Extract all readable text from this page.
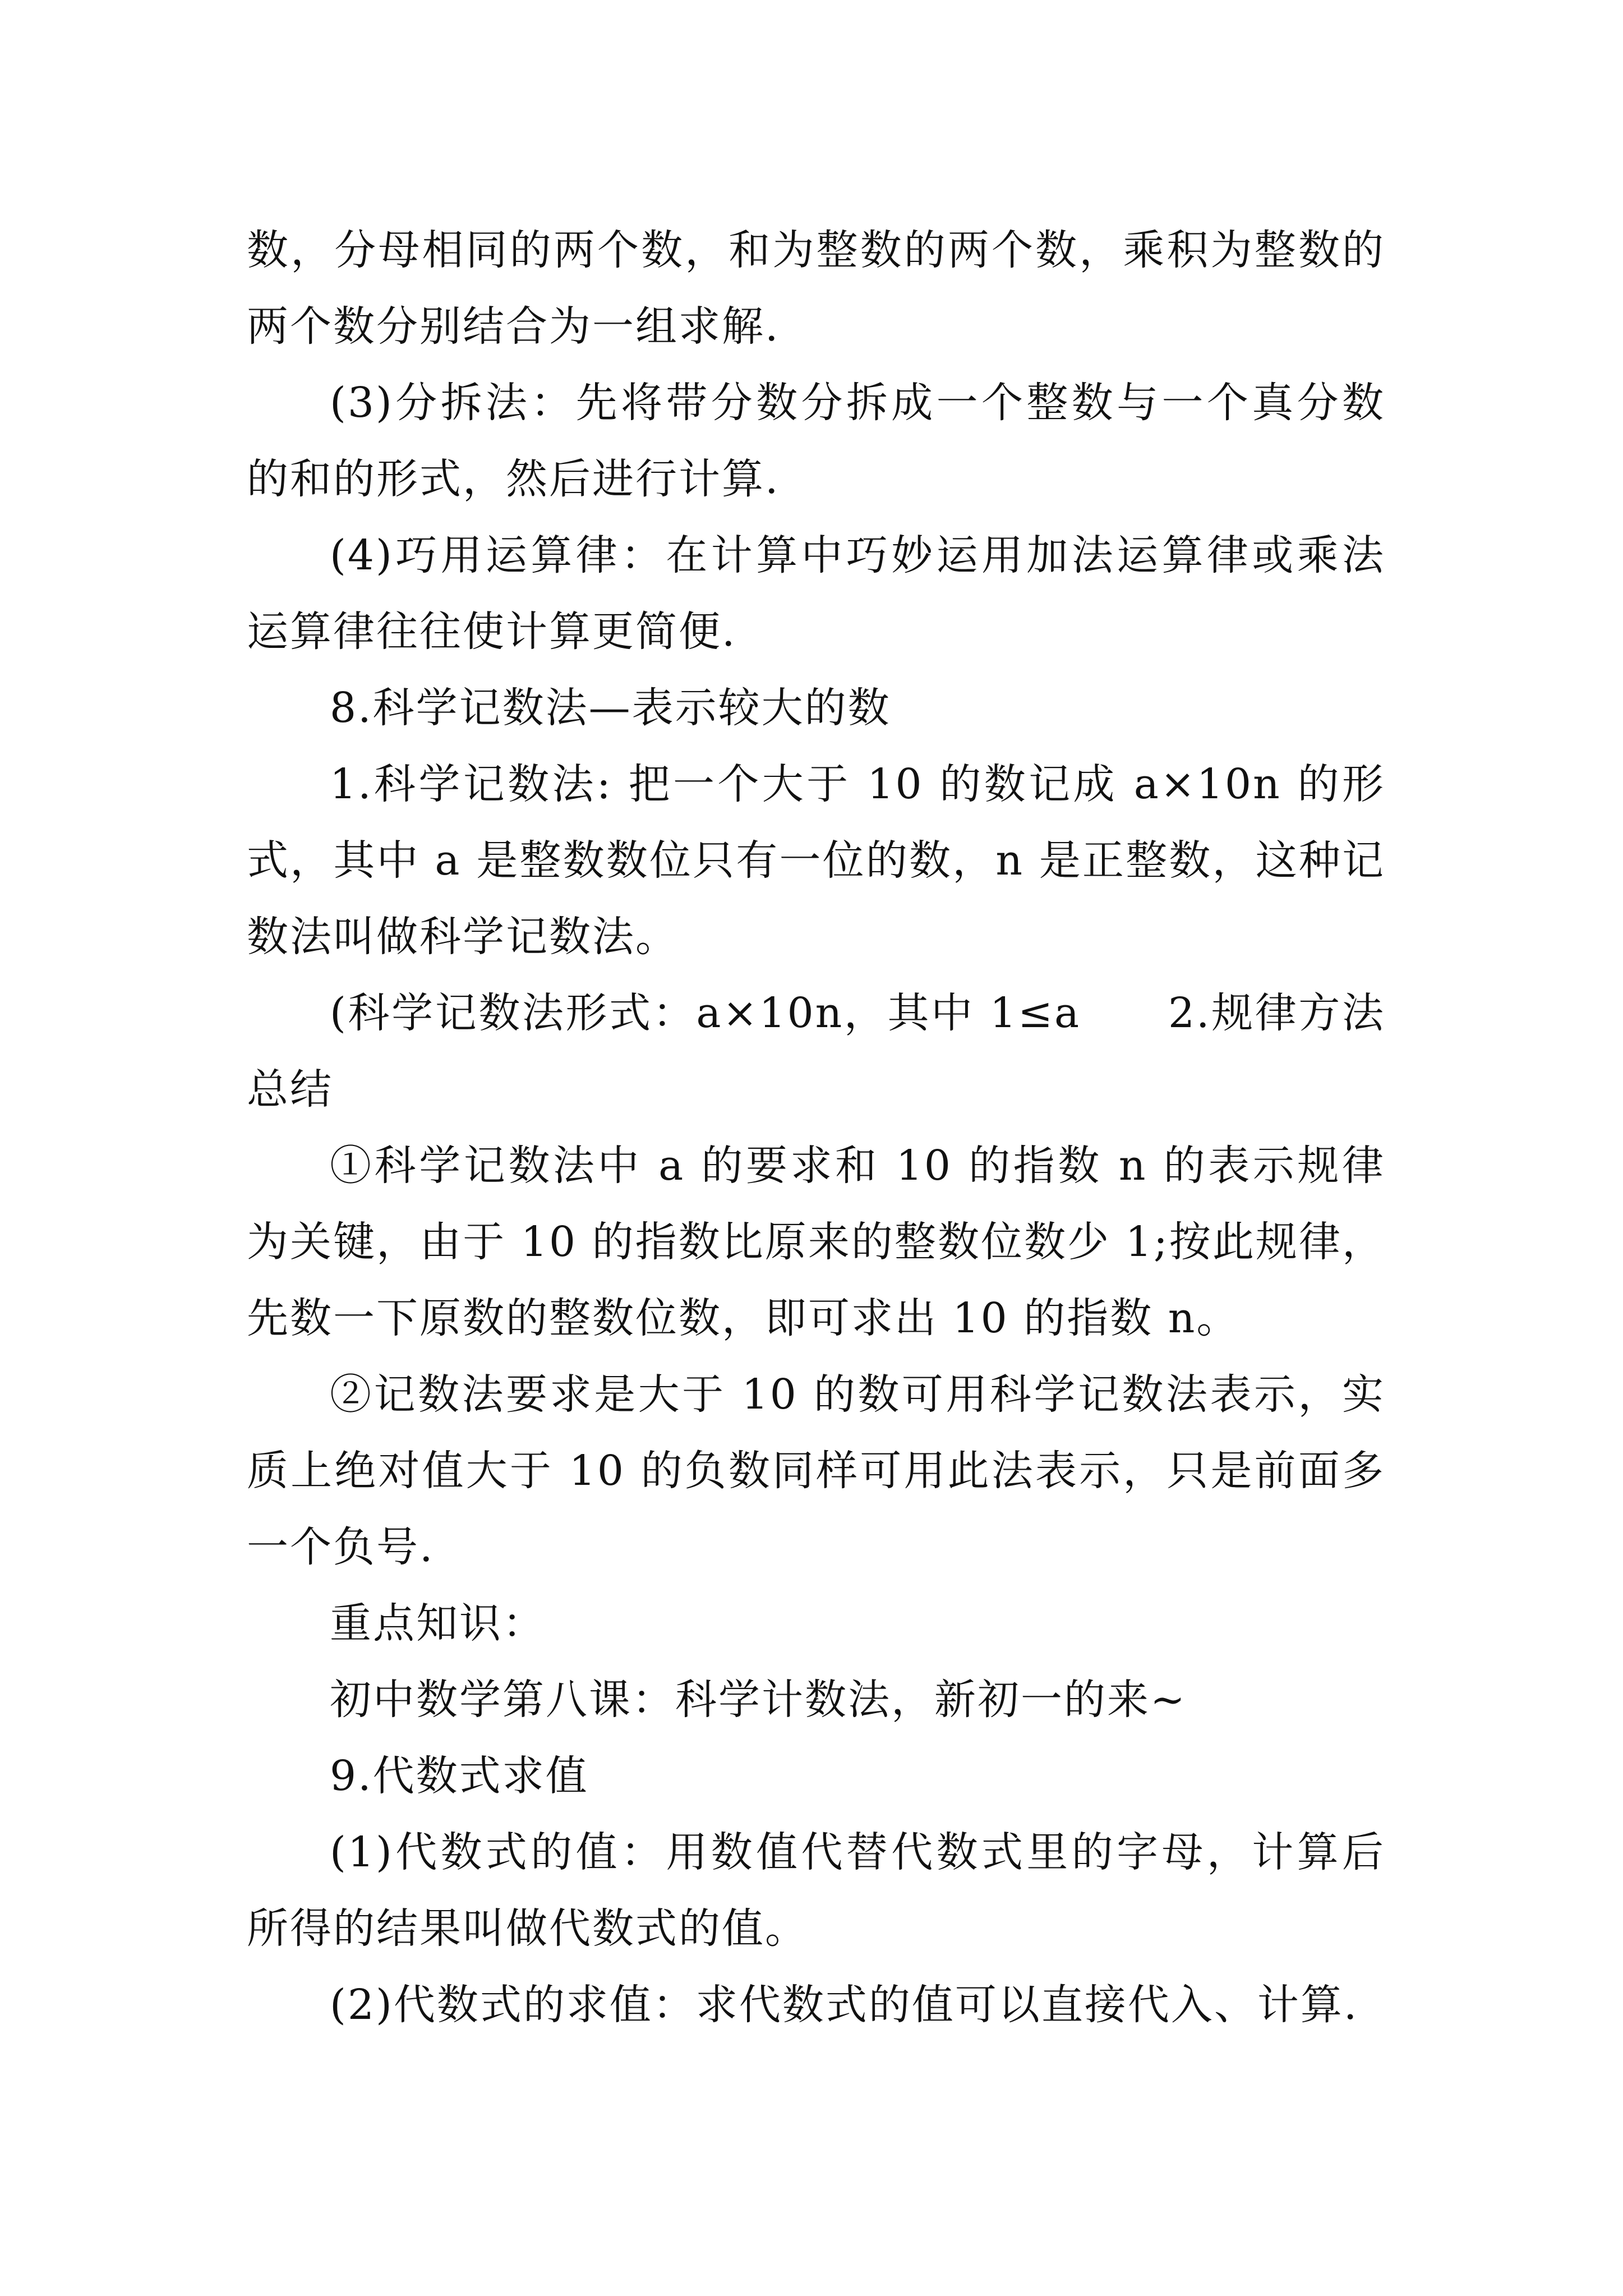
数，分母相同的两个数，和为整数的两个数，乘积为整数的两个数分别结合为一组求解.

(3)分拆法：先将带分数分拆成一个整数与一个真分数的和的形式，然后进行计算.

(4)巧用运算律：在计算中巧妙运用加法运算律或乘法运算律往往使计算更简便.

8.科学记数法—表示较大的数

1.科学记数法: 把一个大于 10 的数记成 a×10n 的形式，其中 a 是整数数位只有一位的数，n 是正整数，这种记数法叫做科学记数法。

(科学记数法形式：a×10n，其中 1≤a　　2.规律方法总结

①科学记数法中 a 的要求和 10 的指数 n 的表示规律为关键，由于 10 的指数比原来的整数位数少 1;按此规律，先数一下原数的整数位数，即可求出 10 的指数 n。

②记数法要求是大于 10 的数可用科学记数法表示，实质上绝对值大于 10 的负数同样可用此法表示，只是前面多一个负号.

重点知识：

初中数学第八课：科学计数法，新初一的来~

9.代数式求值

(1)代数式的值：用数值代替代数式里的字母，计算后所得的结果叫做代数式的值。

(2)代数式的求值：求代数式的值可以直接代入、计算.
